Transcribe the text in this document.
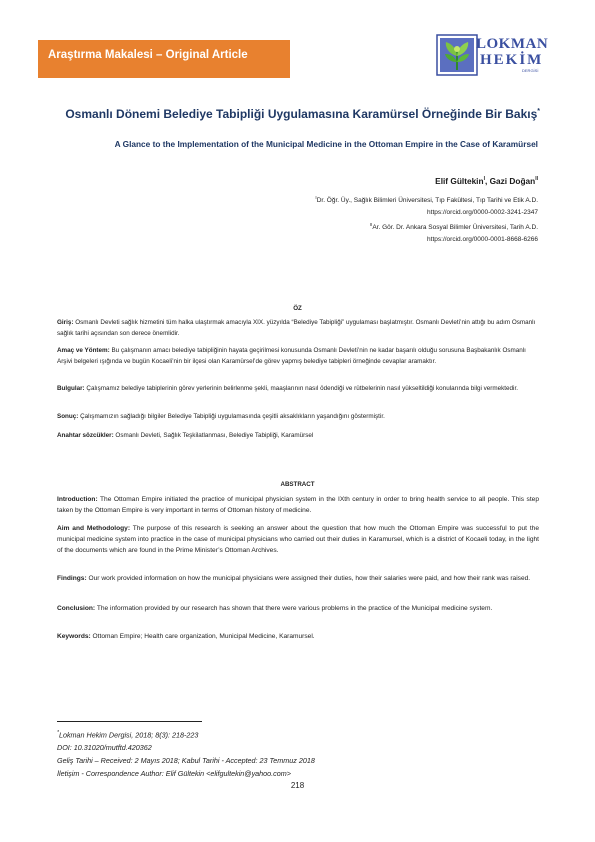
Araştırma Makalesi – Original Article
LOKMAN
HEKİM
DERGİSİ
Osmanlı Dönemi Belediye Tabipliği Uygulamasına Karamürsel Örneğinde Bir Bakış*
A Glance to the Implementation of the Municipal Medicine in the Ottoman Empire in the Case of Karamürsel
Elif Gültekin$^I$, Gazi Doğan$^{II}$
$^I$Dr. Öğr. Üy., Sağlık Bilimleri Üniversitesi, Tıp Fakültesi, Tıp Tarihi ve Etik A.D.
https://orcid.org/0000-0002-3241-2347
$^{II}$Ar. Gör. Dr. Ankara Sosyal Bilimler Üniversitesi, Tarih A.D.
https://orcid.org/0000-0001-8668-6266
ÖZ
Giriş: Osmanlı Devleti sağlık hizmetini tüm halka ulaştırmak amacıyla XIX. yüzyılda “Belediye Tabipliği” uygulaması başlatmıştır. Osmanlı Devleti’nin attığı bu adım Osmanlı sağlık tarihi açısından son derece önemlidir.
Amaç ve Yöntem: Bu çalışmanın amacı belediye tabipliğinin hayata geçirilmesi konusunda Osmanlı Devleti’nin ne kadar başarılı olduğu sorusuna Başbakanlık Osmanlı Arşivi belgeleri ışığında ve bugün Kocaeli’nin bir ilçesi olan Karamürsel’de görev yapmış belediye tabipleri örneğinde cevaplar aramaktır.
Bulgular: Çalışmamız belediye tabiplerinin görev yerlerinin belirlenme şekli, maaşlarının nasıl ödendiği ve rütbelerinin nasıl yükseltildiği konularında bilgi vermektedir.
Sonuç: Çalışmamızın sağladığı bilgiler Belediye Tabipliği uygulamasında çeşitli aksaklıkların yaşandığını göstermiştir.
Anahtar sözcükler: Osmanlı Devleti, Sağlık Teşkilatlanması, Belediye Tabipliği, Karamürsel
ABSTRACT
Introduction: The Ottoman Empire initiated the practice of municipal physician system in the IXth century in order to bring health service to all people. This step taken by the Ottoman Empire is very important in terms of Ottoman history of medicine.
Aim and Methodology: The purpose of this research is seeking an answer about the question that how much the Ottoman Empire was successful to put the municipal medicine system into practice in the case of municipal physicians who carried out their duties in Karamursel, which is a district of Kocaeli today, in the light of the documents which are found in the Prime Minister’s Ottoman Archives.
Findings: Our work provided information on how the municipal physicians were assigned their duties, how their salaries were paid, and how their rank was raised.
Conclusion: The information provided by our research has shown that there were various problems in the practice of the Municipal medicine system.
Keywords: Ottoman Empire; Health care organization, Municipal Medicine, Karamursel.
*Lokman Hekim Dergisi, 2018; 8(3): 218-223
DOI: 10.31020/mutftd.420362
Geliş Tarihi – Received: 2 Mayıs 2018; Kabul Tarihi - Accepted: 23 Temmuz 2018
İletişim - Correspondence Author: Elif Gültekin <elifgultekin@yahoo.com>
218
